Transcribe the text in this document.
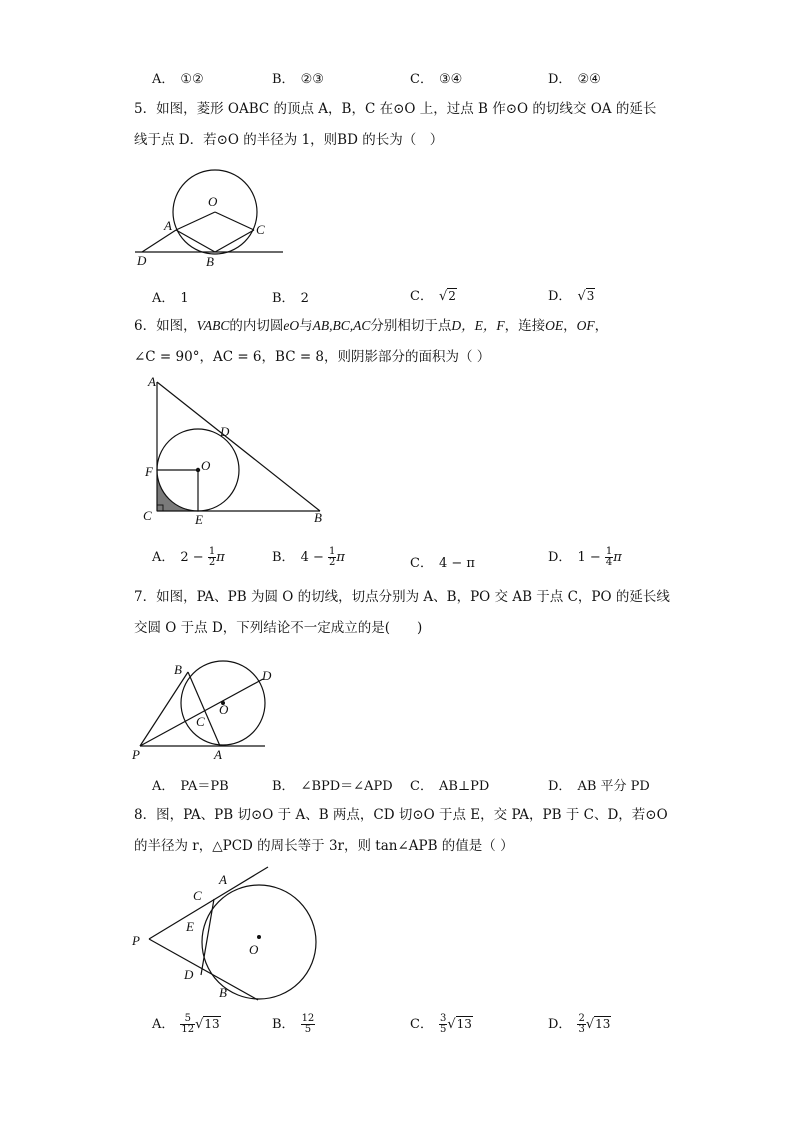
A． ①②	B． ②③	C． ③④	D． ②④
5．如图，菱形 OABC 的顶点 A，B，C 在⊙O 上，过点 B 作⊙O 的切线交 OA 的延长
线于点 D．若⊙O 的半径为 1，则BD 的长为（　）
O
A	C
D	B
A． 1	B． 2	C． √2	D． √3
6．如图，VABC的内切圆eO与AB,BC,AC分别相切于点D，E，F，连接OE，OF，
∠C = 90°，AC = 6，BC = 8，则阴影部分的面积为（ ）
A
D
O
F
C	E	B
A． $2 - \frac{1}{2}$ π	B． $4 - \frac{1}{2}$ π	C． 4 − π	D． $1 - \frac{1}{4}$ π
7．如图，PA、PB 为圆 O 的切线，切点分别为 A、B，PO 交 AB 于点 C，PO 的延长线
交圆 O 于点 D，下列结论不一定成立的是(　　)
B	D
O
C
P	A
A． PA＝PB	B． ∠BPD＝∠APD C． AB⊥PD	D． AB 平分 PD
8．图，PA、PB 切⊙O 于 A、B 两点，CD 切⊙O 于点 E，交 PA，PB 于 C、D，若⊙O
的半径为 r，△PCD 的周长等于 3r，则 tan∠APB 的值是（ ）
C
A
E
P
O
D
B
A． $\frac{5}{12} √13$	B． $\frac{12}{5}$	C． $\frac{3}{5} √13$	D． $\frac{2}{3} √13$
